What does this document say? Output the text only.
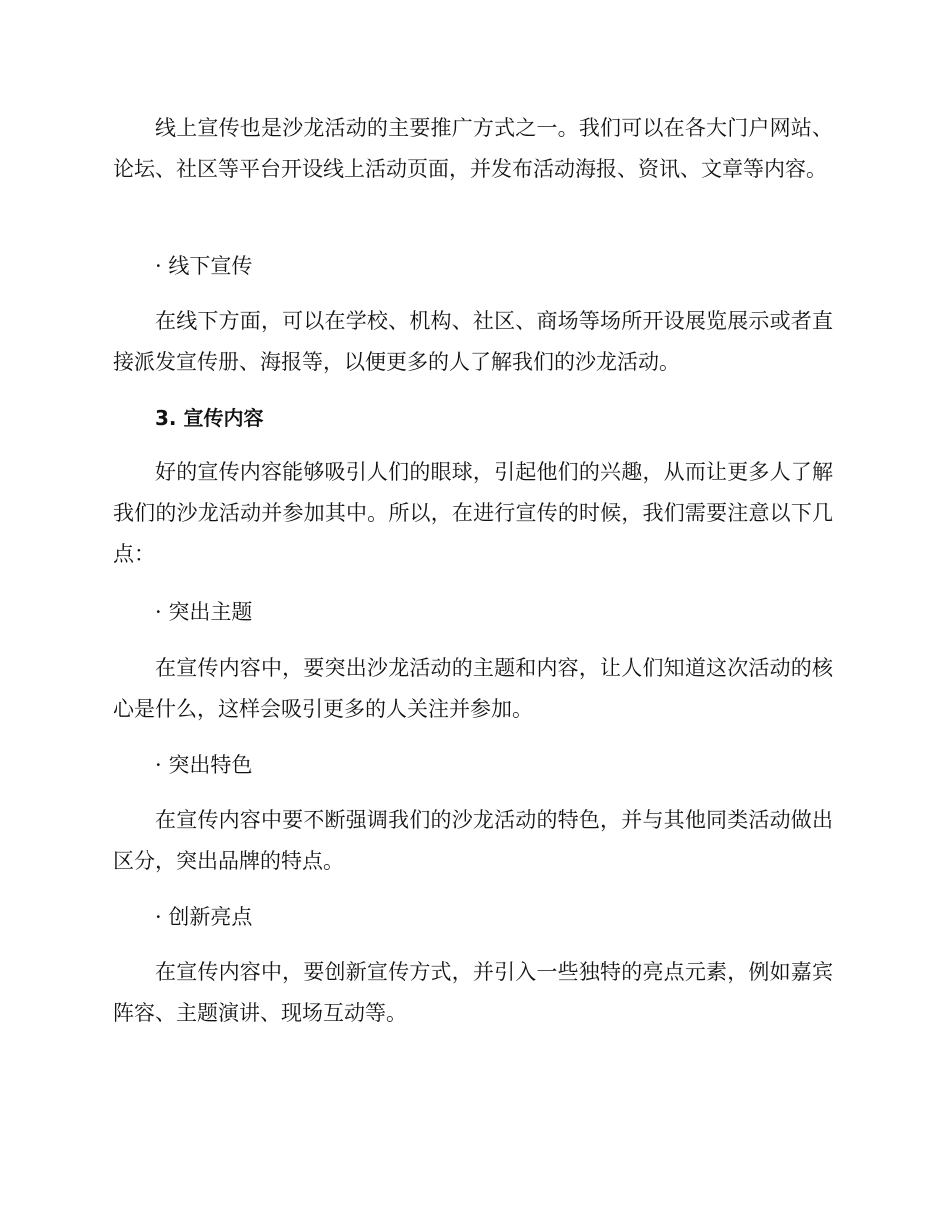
线上宣传也是沙龙活动的主要推广方式之一。我们可以在各大门户网站、论坛、社区等平台开设线上活动页面，并发布活动海报、资讯、文章等内容。

· 线下宣传

在线下方面，可以在学校、机构、社区、商场等场所开设展览展示或者直接派发宣传册、海报等，以便更多的人了解我们的沙龙活动。

3. 宣传内容

好的宣传内容能够吸引人们的眼球，引起他们的兴趣，从而让更多人了解我们的沙龙活动并参加其中。所以，在进行宣传的时候，我们需要注意以下几点：

· 突出主题

在宣传内容中，要突出沙龙活动的主题和内容，让人们知道这次活动的核心是什么，这样会吸引更多的人关注并参加。

· 突出特色

在宣传内容中要不断强调我们的沙龙活动的特色，并与其他同类活动做出区分，突出品牌的特点。

· 创新亮点

在宣传内容中，要创新宣传方式，并引入一些独特的亮点元素，例如嘉宾阵容、主题演讲、现场互动等。
